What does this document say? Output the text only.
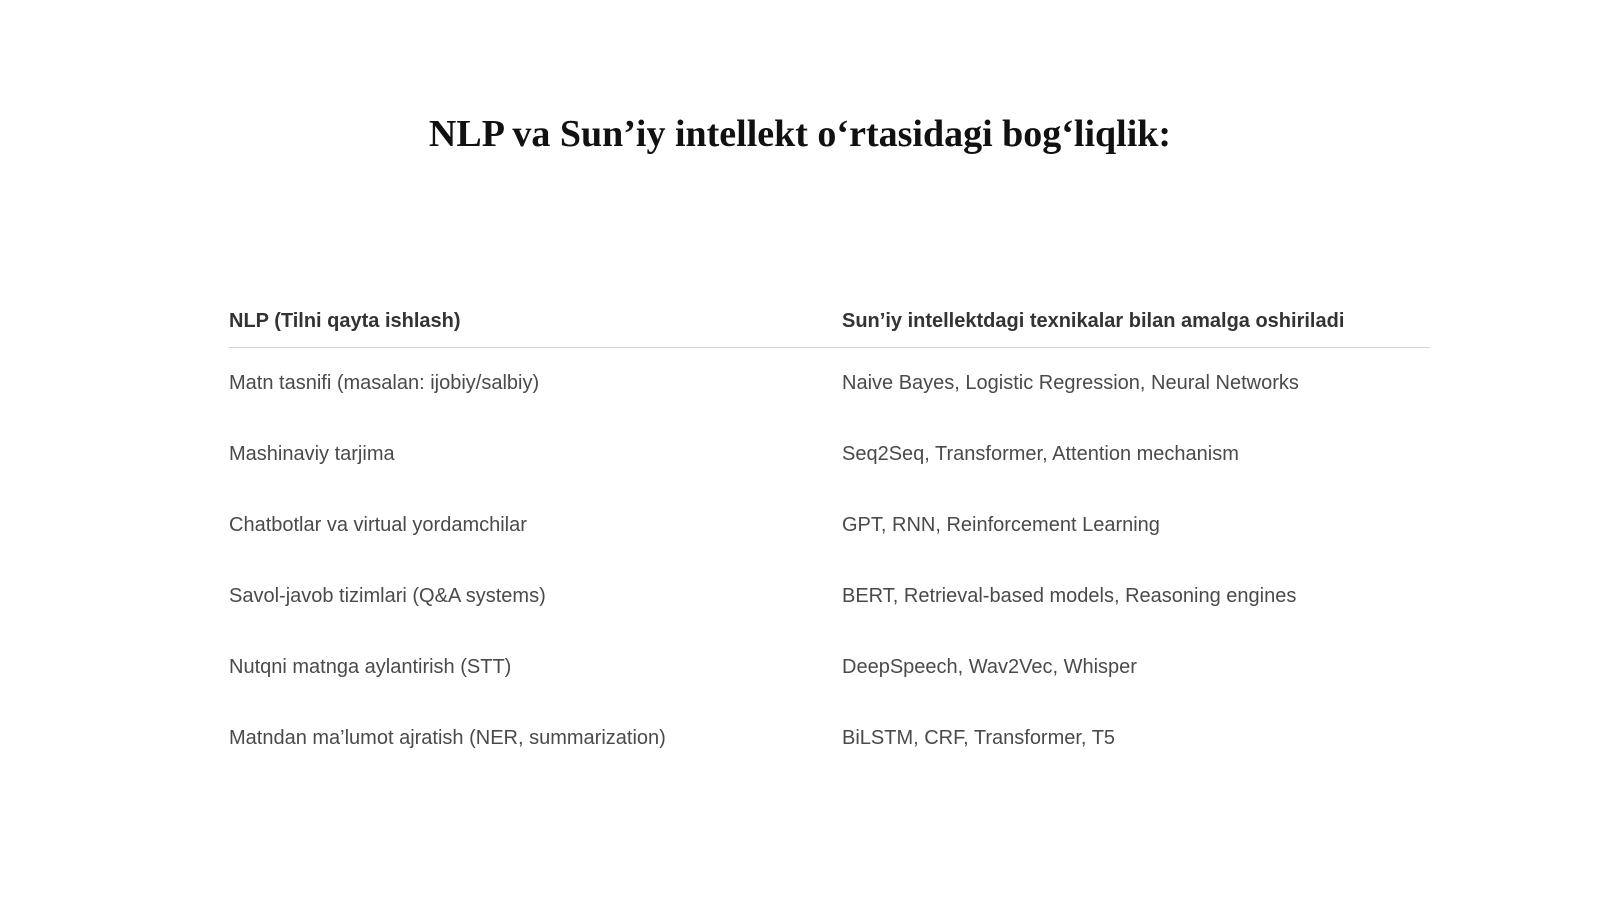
NLP va Sun’iy intellekt o‘rtasidagi bog‘liqlik:
NLP (Tilni qayta ishlash)	Sun’iy intellektdagi texnikalar bilan amalga oshiriladi
Matn tasnifi (masalan: ijobiy/salbiy)	Naive Bayes, Logistic Regression, Neural Networks
Mashinaviy tarjima	Seq2Seq, Transformer, Attention mechanism
Chatbotlar va virtual yordamchilar	GPT, RNN, Reinforcement Learning
Savol-javob tizimlari (Q&A systems)	BERT, Retrieval-based models, Reasoning engines
Nutqni matnga aylantirish (STT)	DeepSpeech, Wav2Vec, Whisper
Matndan ma’lumot ajratish (NER, summarization)	BiLSTM, CRF, Transformer, T5
